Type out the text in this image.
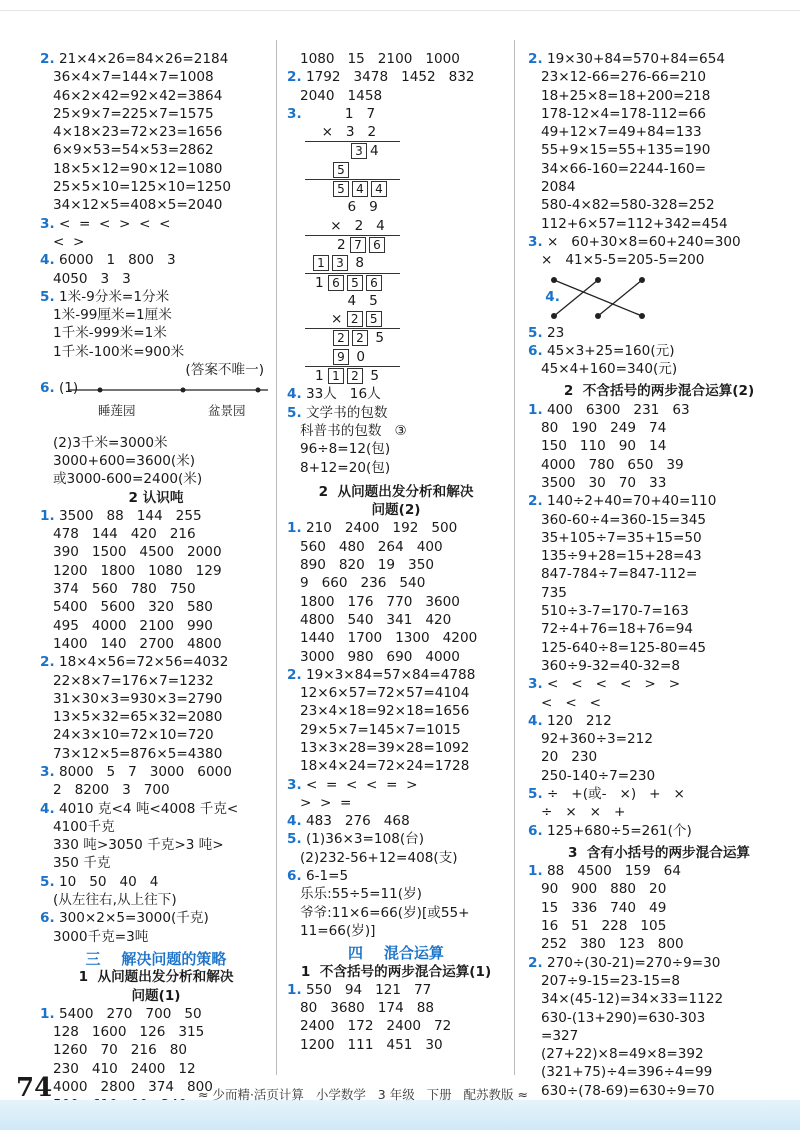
2. 21×4×26=84×26=2184
36×4×7=144×7=1008
46×2×42=92×42=3864
25×9×7=225×7=1575
4×18×23=72×23=1656
6×9×53=54×53=2862
18×5×12=90×12=1080
25×5×10=125×10=1250
34×12×5=408×5=2040
3. <  =  <  >  <  <
<  >
4. 6000   1   800   3
4050   3   3
5. 1米-9分米=1分米
1米-99厘米=1厘米
1千米-999米=1米
1千米-100米=900米
(答案不唯一)
6. (1)
睡莲园	盆景园
(2)3千米=3000米
3000+600=3600(米)
或3000-600=2400(米)
2 认识吨
1. 3500   88   144   255
478   144   420   216
390   1500   4500   2000
1200   1800   1080   129
374   560   780   750
5400   5600   320   580
495   4000   2100   990
1400   140   2700   4800
2. 18×4×56=72×56=4032
22×8×7=176×7=1232
31×30×3=930×3=2790
13×5×32=65×32=2080
24×3×10=72×10=720
73×12×5=876×5=4380
3. 8000   5   7   3000   6000
2   8200   3   700
4. 4010 克<4 吨<4008 千克<
4100千克
330 吨>3050 千克>3 吨>
350 千克
5. 10   50   40   4
(从左往右,从上往下)
6. 300×2×5=3000(千克)
3000千克=3吨
三    解决问题的策略
1  从问题出发分析和解决
问题(1)
1. 5400   270   700   50
128   1600   126   315
1260   70   216   80
230   410   2400   12
4000   2800   374   800

1080   15   2100   1000
2. 1792   3478   1452   832
2040   1458
3.	1   7
×   3   2
3 4
5
5 4 4
6   9
×   2   4
2 7 6
1 3 8
1 6 5 6
4   5
× 2 5
2 2 5
9 0
1 1 2 5
4. 33人   16人
5. 文学书的包数
科普书的包数   ③
96÷8=12(包)
8+12=20(包)
2  从问题出发分析和解决
问题(2)
1. 210   2400   192   500
560   480   264   400
890   820   19   350
9   660   236   540
1800   176   770   3600
4800   540   341   420
1440   1700   1300   4200
3000   980   690   4000
2. 19×3×84=57×84=4788
12×6×57=72×57=4104
23×4×18=92×18=1656
29×5×7=145×7=1015
13×3×28=39×28=1092
18×4×24=72×24=1728
3. <  =  <  <  =  >
>  >  =
4. 483   276   468
5. (1)36×3=108(台)
(2)232-56+12=408(支)
6. 6-1=5
乐乐:55÷5=11(岁)
爷爷:11×6=66(岁)[或55+
11=66(岁)]
四    混合运算
1  不含括号的两步混合运算(1)
1. 550   94   121   77
80   3680   174   88
2400   172   2400   72
1200   111   451   30
2. 19×30+84=570+84=654
23×12-66=276-66=210
18+25×8=18+200=218
178-12×4=178-112=66
49+12×7=49+84=133
55+9×15=55+135=190
34×66-160=2244-160=
2084
580-4×82=580-328=252
112+6×57=112+342=454
3. ×   60+30×8=60+240=300
×   41×5-5=205-5=200

4.

5. 23
6. 45×3+25=160(元)
45×4+160=340(元)
2  不含括号的两步混合运算(2)
1. 400   6300   231   63
80   190   249   74
150   110   90   14
4000   780   650   39
3500   30   70   33
2. 140÷2+40=70+40=110
360-60÷4=360-15=345
35+105÷7=35+15=50
135÷9+28=15+28=43
847-784÷7=847-112=
735
510÷3-7=170-7=163
72÷4+76=18+76=94
125-640÷8=125-80=45
360÷9-32=40-32=8
3. <   <   <   <   >   >
<   <   <
4. 120   212
92+360÷3=212
20   230
250-140÷7=230
5. ÷   +(或-   ×)   +   ×
÷   ×   ×   +
6. 125+680÷5=261(个)
3  含有小括号的两步混合运算
1. 88   4500   159   64
90   900   880   20
15   336   740   49
16   51   228   105
252   380   123   800
2. 270÷(30-21)=270÷9=30
207÷9-15=23-15=8
34×(45-12)=34×33=1122
630-(13+290)=630-303
=327
(27+22)×8=49×8=392
(321+75)÷4=396÷4=99
630÷(78-69)=630÷9=70

74	≈ 少而精·活页计算   小学数学   3 年级   下册   配苏教版 ≈
